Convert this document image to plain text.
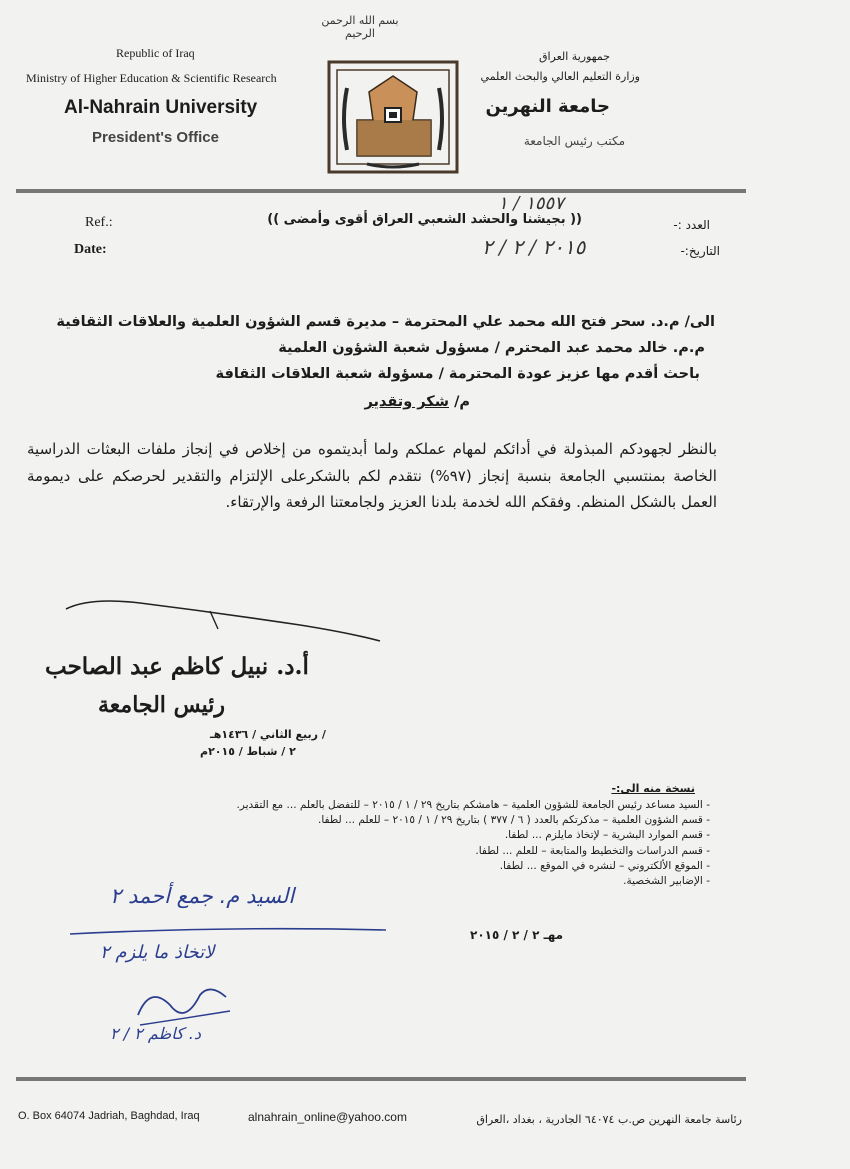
بسم الله الرحمن الرحيم
Republic of Iraq
Ministry of Higher Education & Scientific Research
Al-Nahrain University
President's Office
جمهورية العراق
وزارة التعليم العالي والبحث العلمي
جامعة النهرين
مكتب رئيس الجامعة
Ref.:
Date:
العدد :-
التاريخ:-
(( بجيشنا والحشد الشعبي العراق أقوى وأمضى ))
١٥٥٧ / ١
٢٠١٥ / ٢ / ٢
الى/ م.د. سحر فتح الله محمد علي المحترمة – مديرة قسم الشؤون العلمية والعلاقات الثقافية
م.م. خالد محمد عبد المحترم / مسؤول شعبة الشؤون العلمية
باحث أقدم مها عزيز عودة المحترمة / مسؤولة شعبة العلاقات الثقافة
م/ شكر وتقدير
بالنظر لجهودكم المبذولة في أدائكم لمهام عملكم ولما أبديتموه من إخلاص في إنجاز ملفات البعثات الدراسية الخاصة بمنتسبي الجامعة بنسبة إنجاز (٩٧%) نتقدم لكم بالشكرعلى الإلتزام والتقدير لحرصكم على ديمومة العمل بالشكل المنظم. وفقكم الله لخدمة بلدنا العزيز ولجامعتنا الرفعة والإرتقاء.
أ.د. نبيل كاظم عبد الصاحب
رئيس الجامعة
/ ربيع الثاني / ١٤٣٦هـ
٢ / شباط / ٢٠١٥م
نسخة منه الى:-
- السيد مساعد رئيس الجامعة للشؤون العلمية – هامشكم بتاريخ ٢٩ / ١ / ٢٠١٥ – للتفضل بالعلم ... مع التقدير.
- قسم الشؤون العلمية – مذكرتكم بالعدد ( ٦ / ٣٧٧ ) بتاريخ ٢٩ / ١ / ٢٠١٥ – للعلم ... لطفا.
- قسم الموارد البشرية – لإتخاذ مايلزم ... لطفا.
- قسم الدراسات والتخطيط والمتابعة – للعلم ... لطفا.
- الموقع الألكتروني – لنشره في الموقع ... لطفا.
- الإضابير الشخصية.
مهـ ٢ / ٢ / ٢٠١٥
السيد م. جمع أحمد ٢
لاتخاذ ما يلزم ٢
د. كاظم ٢ / ٢
O. Box 64074 Jadriah, Baghdad, Iraq	alnahrain_online@yahoo.com	رئاسة جامعة النهرين ص.ب ٦٤٠٧٤ الجادرية ، بغداد ،العراق
